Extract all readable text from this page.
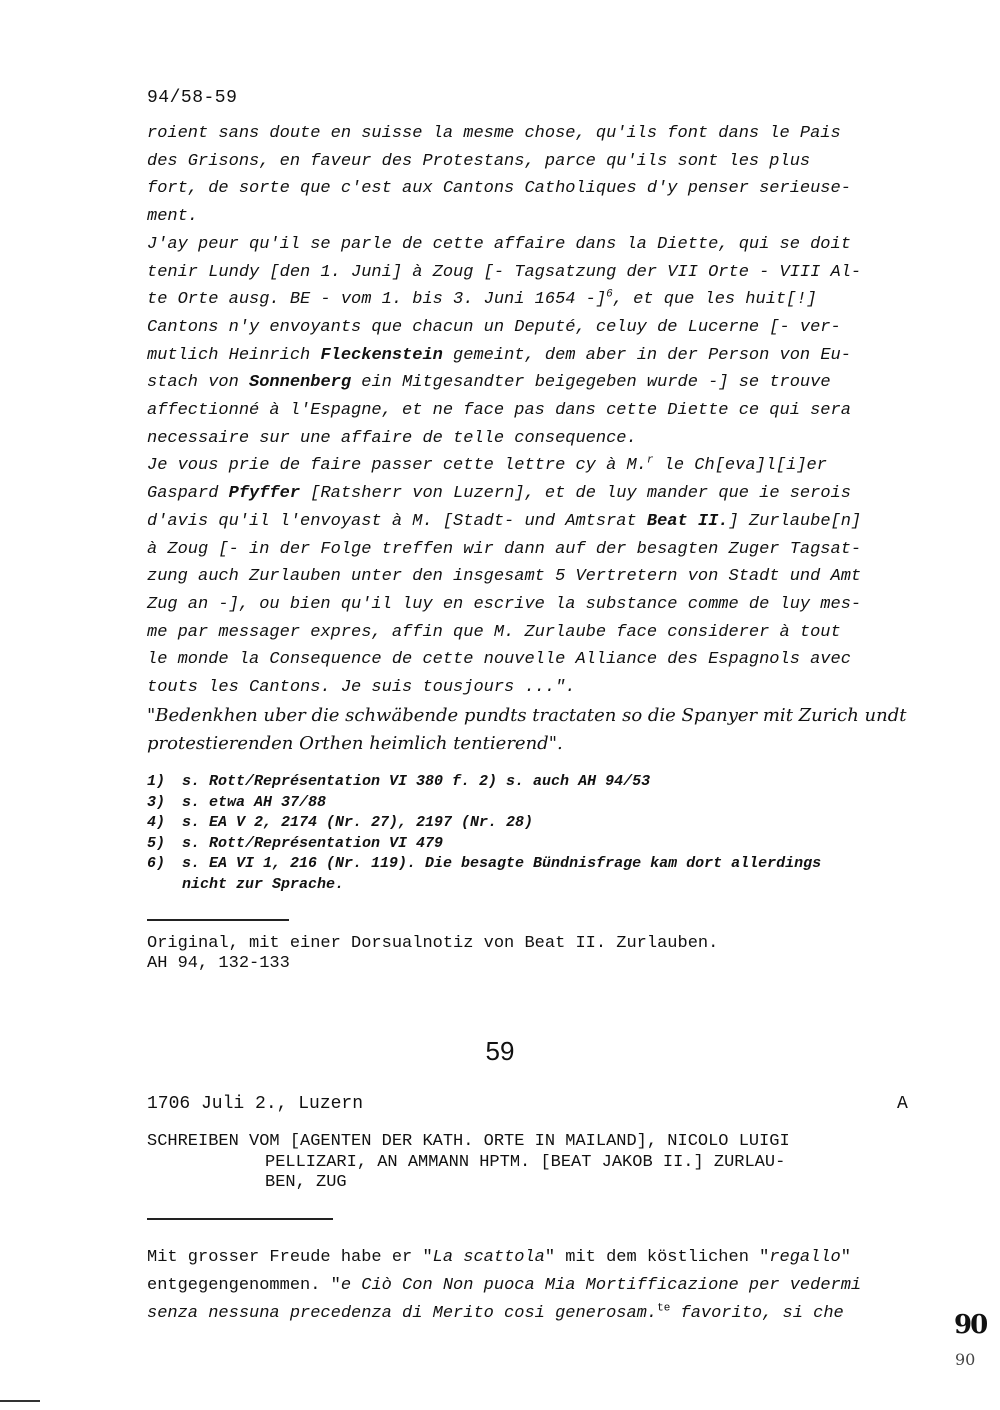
94/58-59
roient sans doute en suisse la mesme chose, qu'ils font dans le Pais
des Grisons, en faveur des Protestans, parce qu'ils sont les plus
fort, de sorte que c'est aux Cantons Catholiques d'y penser serieuse-
ment.
J'ay peur qu'il se parle de cette affaire dans la Diette, qui se doit
tenir Lundy [den 1. Juni] à Zoug [- Tagsatzung der VII Orte - VIII Al-
te Orte ausg. BE - vom 1. bis 3. Juni 1654 -]$^6$, et que les huit[!]
Cantons n'y envoyants que chacun un Deputé, celuy de Lucerne [- ver-
mutlich Heinrich Fleckenstein gemeint, dem aber in der Person von Eu-
stach von Sonnenberg ein Mitgesandter beigegeben wurde -] se trouve
affectionné à l'Espagne, et ne face pas dans cette Diette ce qui sera
necessaire sur une affaire de telle consequence.
Je vous prie de faire passer cette lettre cy à M.$^r$ le Ch[eva]l[i]er
Gaspard Pfyffer [Ratsherr von Luzern], et de luy mander que ie serois
d'avis qu'il l'envoyast à M. [Stadt- und Amtsrat Beat II.] Zurlaube[n]
à Zoug [- in der Folge treffen wir dann auf der besagten Zuger Tagsat-
zung auch Zurlauben unter den insgesamt 5 Vertretern von Stadt und Amt
Zug an -], ou bien qu'il luy en escrive la substance comme de luy mes-
me par messager expres, affin que M. Zurlaube face considerer à tout
le monde la Consequence de cette nouvelle Alliance des Espagnols avec
touts les Cantons. Je suis tousjours ...".
"Bedenkhen uber die schwäbende pundts tractaten so die Spanyer mit Zurich undt
protestierenden Orthen heimlich tentierend".
1)	s. Rott/Représentation VI 380 f. 2) s. auch AH 94/53
3)	s. etwa AH 37/88
4)	s. EA V 2, 2174 (Nr. 27), 2197 (Nr. 28)
5)	s. Rott/Représentation VI 479
6)	s. EA VI 1, 216 (Nr. 119). Die besagte Bündnisfrage kam dort allerdings
nicht zur Sprache.
Original, mit einer Dorsualnotiz von Beat II. Zurlauben.
AH 94, 132-133
59
1706 Juli 2., Luzern	A
SCHREIBEN VOM [AGENTEN DER KATH. ORTE IN MAILAND], NICOLO LUIGI
PELLIZARI, AN AMMANN HPTM. [BEAT JAKOB II.] ZURLAU-
BEN, ZUG
Mit grosser Freude habe er "La scattola" mit dem köstlichen "regallo"
entgegengenommen. "e Ciò Con Non puoca Mia Mortifficazione per vedermi
senza nessuna precedenza di Merito cosi generosam.$^{te}$ favorito, si che	90
90
